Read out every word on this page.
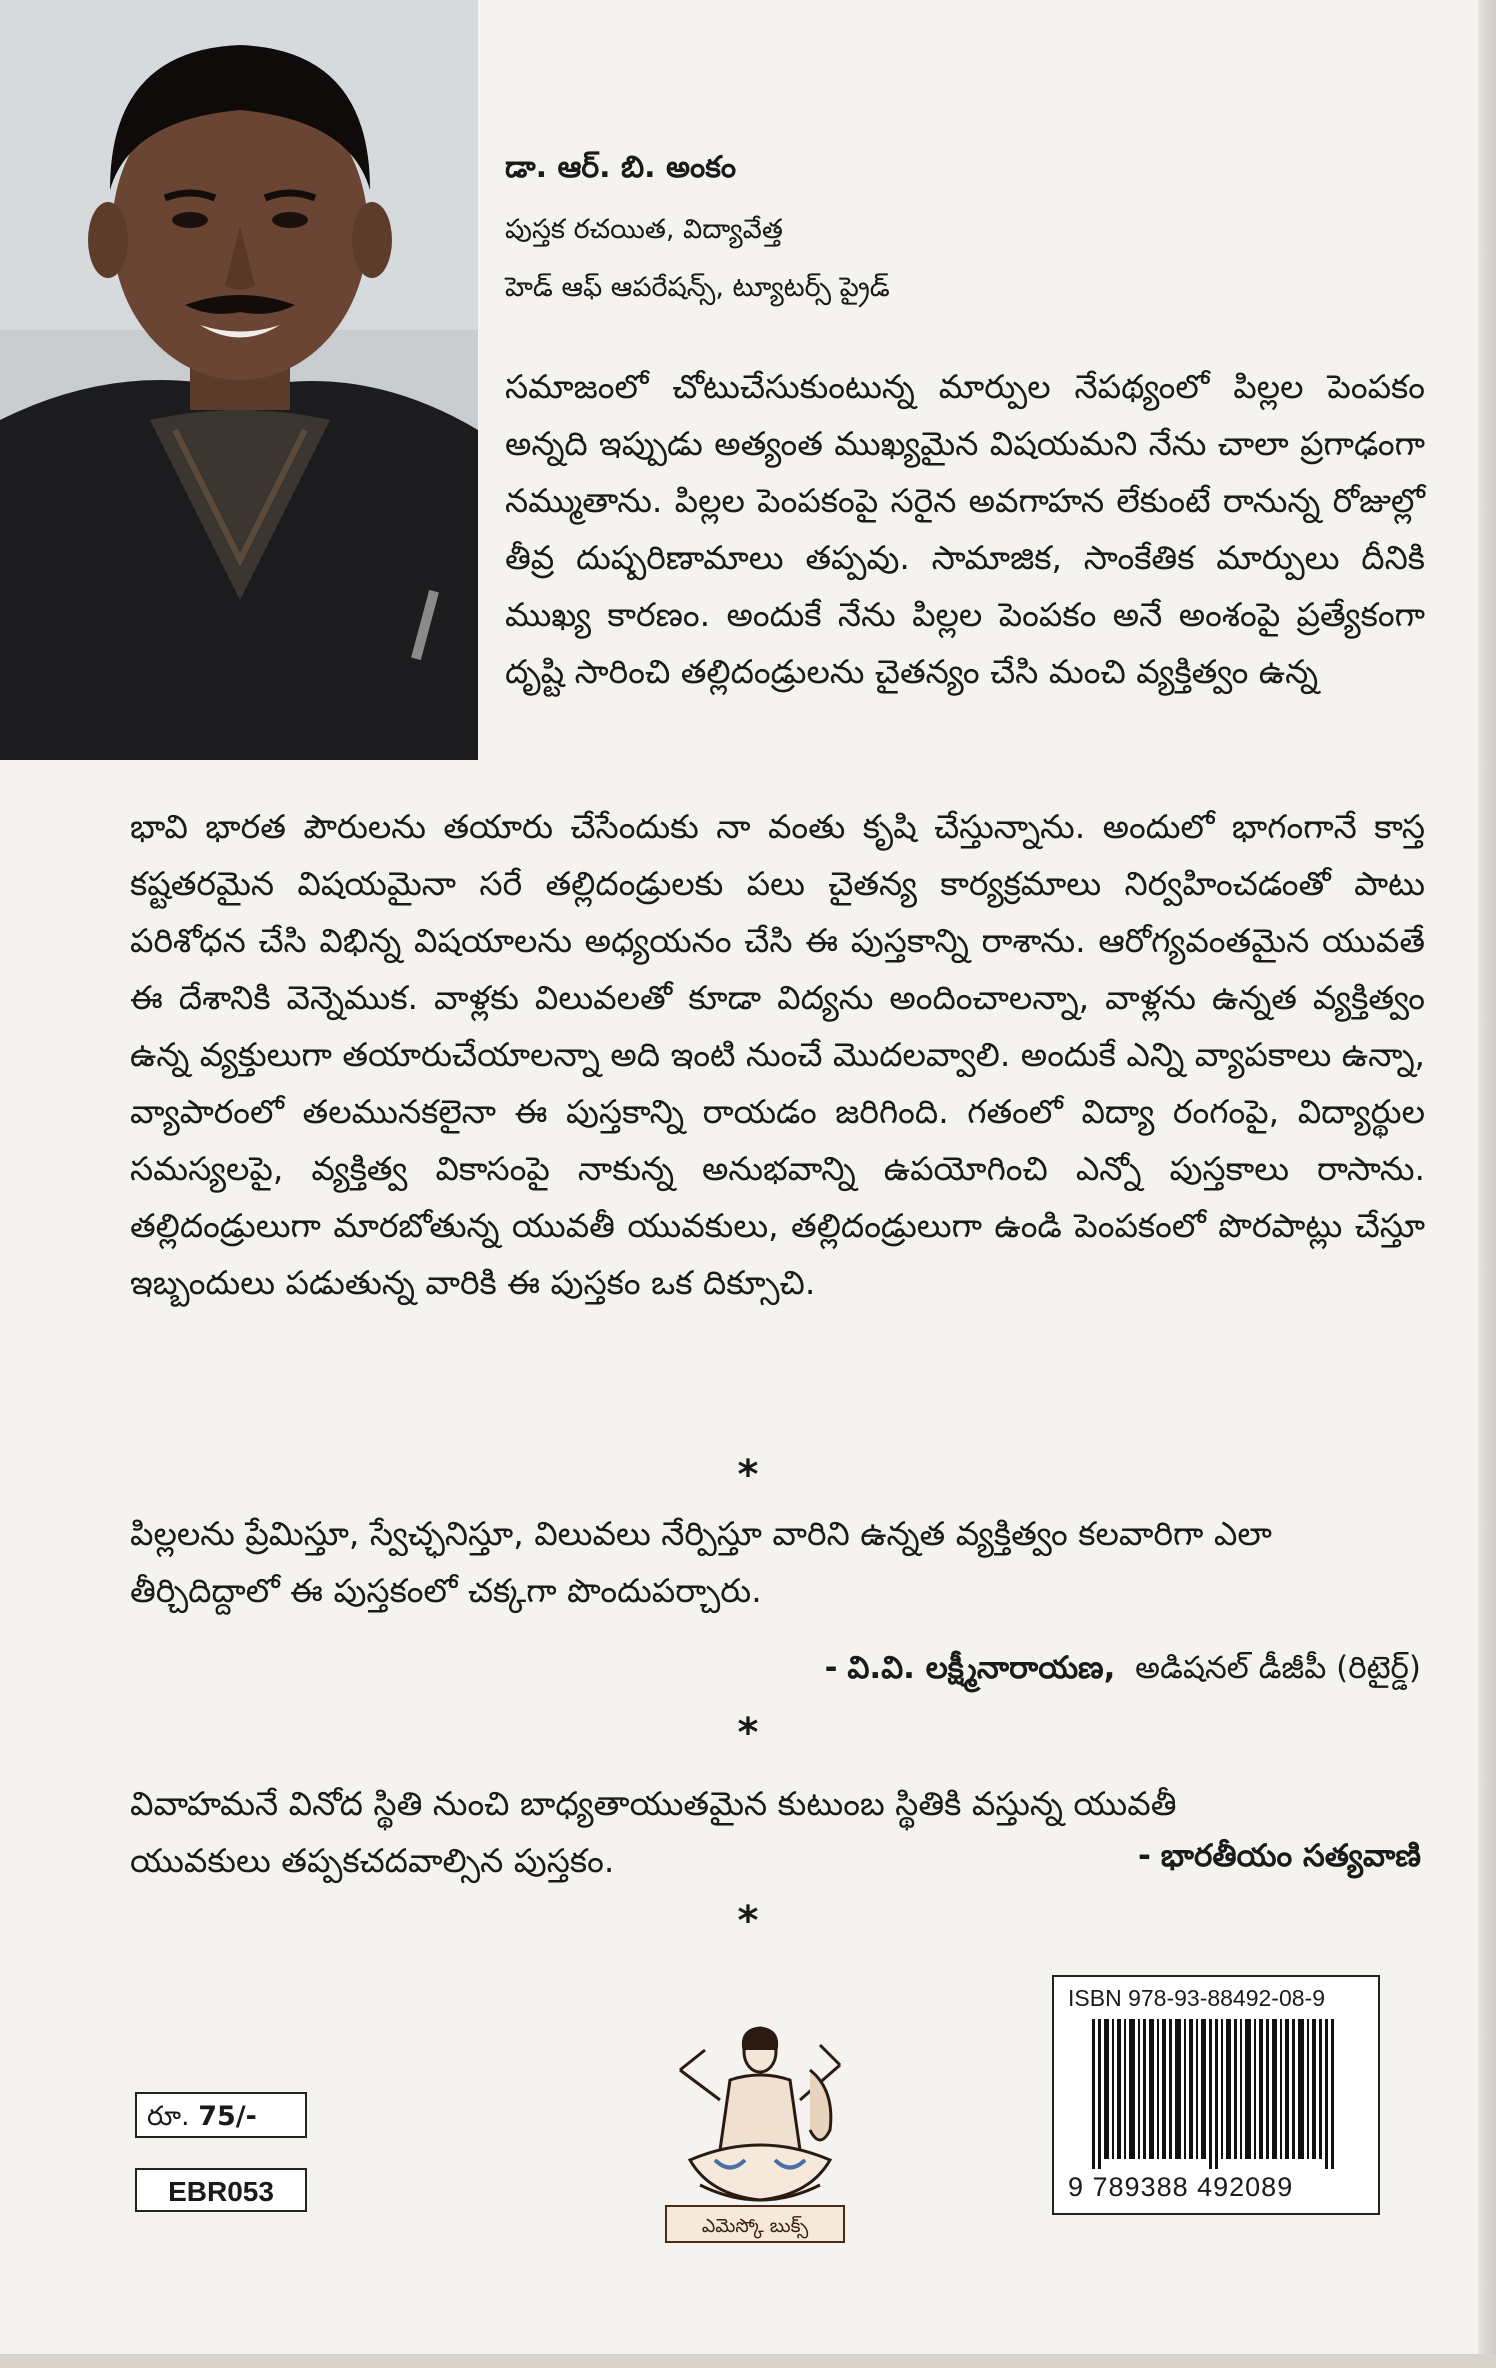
డా. ఆర్. బి. అంకం
పుస్తక రచయిత, విద్యావేత్త
హెడ్ ఆఫ్ ఆపరేషన్స్, ట్యూటర్స్ ప్రైడ్
సమాజంలో చోటుచేసుకుంటున్న మార్పుల నేపథ్యంలో పిల్లల పెంపకం అన్నది ఇప్పుడు అత్యంత ముఖ్యమైన విషయమని నేను చాలా ప్రగాఢంగా నమ్ముతాను. పిల్లల పెంపకంపై సరైన అవగాహన లేకుంటే రానున్న రోజుల్లో తీవ్ర దుష్పరిణామాలు తప్పవు. సామాజిక, సాంకేతిక మార్పులు దీనికి ముఖ్య కారణం. అందుకే నేను పిల్లల పెంపకం అనే అంశంపై ప్రత్యేకంగా దృష్టి సారించి తల్లిదండ్రులను చైతన్యం చేసి మంచి వ్యక్తిత్వం ఉన్న
భావి భారత పౌరులను తయారు చేసేందుకు నా వంతు కృషి చేస్తున్నాను. అందులో భాగంగానే కాస్త కష్టతరమైన విషయమైనా సరే తల్లిదండ్రులకు పలు చైతన్య కార్యక్రమాలు నిర్వహించడంతో పాటు పరిశోధన చేసి విభిన్న విషయాలను అధ్యయనం చేసి ఈ పుస్తకాన్ని రాశాను. ఆరోగ్యవంతమైన యువతే ఈ దేశానికి వెన్నెముక. వాళ్లకు విలువలతో కూడా విద్యను అందించాలన్నా, వాళ్లను ఉన్నత వ్యక్తిత్వం ఉన్న వ్యక్తులుగా తయారుచేయాలన్నా అది ఇంటి నుంచే మొదలవ్వాలి. అందుకే ఎన్ని వ్యాపకాలు ఉన్నా, వ్యాపారంలో తలమునకలైనా ఈ పుస్తకాన్ని రాయడం జరిగింది. గతంలో విద్యా రంగంపై, విద్యార్థుల సమస్యలపై, వ్యక్తిత్వ వికాసంపై నాకున్న అనుభవాన్ని ఉపయోగించి ఎన్నో పుస్తకాలు రాసాను. తల్లిదండ్రులుగా మారబోతున్న యువతీ యువకులు, తల్లిదండ్రులుగా ఉండి పెంపకంలో పొరపాట్లు చేస్తూ ఇబ్బందులు పడుతున్న వారికి ఈ పుస్తకం ఒక దిక్సూచి.
*
పిల్లలను ప్రేమిస్తూ, స్వేచ్ఛనిస్తూ, విలువలు నేర్పిస్తూ వారిని ఉన్నత వ్యక్తిత్వం కలవారిగా ఎలా తీర్చిదిద్దాలో ఈ పుస్తకంలో చక్కగా పొందుపర్చారు.
- వి.వి. లక్ష్మీనారాయణ, అడిషనల్ డీజీపీ (రిటైర్డ్)
*
వివాహమనే వినోద స్థితి నుంచి బాధ్యతాయుతమైన కుటుంబ స్థితికి వస్తున్న యువతీ యువకులు తప్పకచదవాల్సిన పుస్తకం.	- భారతీయం సత్యవాణి
*
రూ. 75/-
EBR053
ఎమెస్కో బుక్స్
ISBN 978-93-88492-08-9
9 789388 492089
